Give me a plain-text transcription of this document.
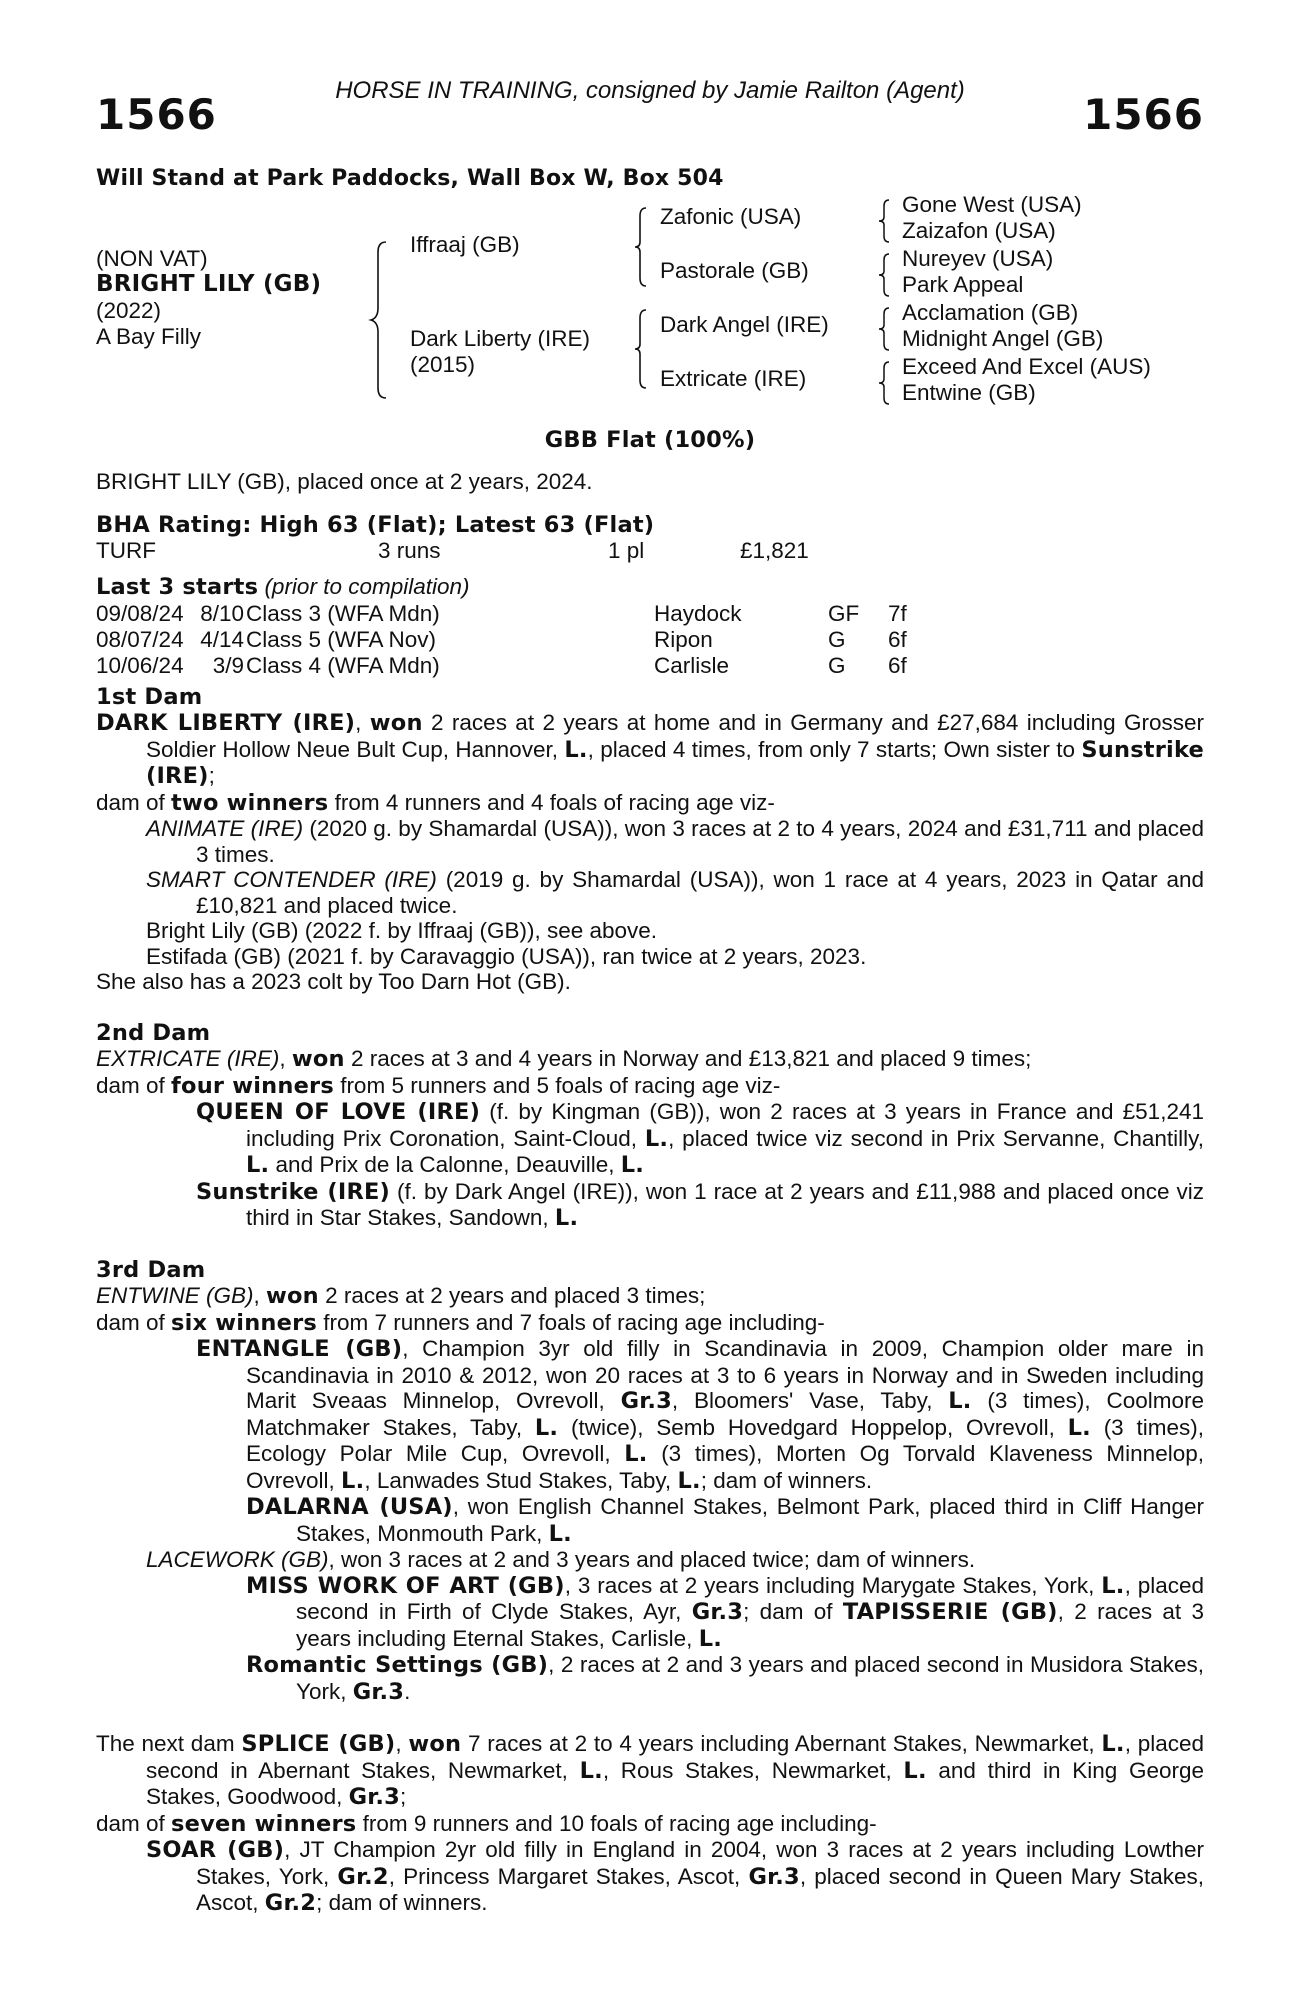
HORSE IN TRAINING, consigned by Jamie Railton (Agent)
1566	1566
Will Stand at Park Paddocks, Wall Box W, Box 504
(NON VAT)
BRIGHT LILY (GB)
(2022)
A Bay Filly
Iffraaj (GB)
Dark Liberty (IRE)
(2015)
Zafonic (USA)
Pastorale (GB)
Dark Angel (IRE)
Extricate (IRE)
Gone West (USA)
Zaizafon (USA)
Nureyev (USA)
Park Appeal
Acclamation (GB)
Midnight Angel (GB)
Exceed And Excel (AUS)
Entwine (GB)
GBB Flat (100%)

BRIGHT LILY (GB), placed once at 2 years, 2024.

BHA Rating: High 63 (Flat); Latest 63 (Flat)
TURF	3 runs	1 pl	£1,821
Last 3 starts (prior to compilation)
09/08/24 8/10 Class 3 (WFA Mdn)	Haydock	GF 7f
08/07/24 4/14 Class 5 (WFA Nov)	Ripon	G 6f
10/06/24 3/9 Class 4 (WFA Mdn)	Carlisle	G 6f
1st Dam

DARK LIBERTY (IRE), won 2 races at 2 years at home and in Germany and £27,684 including Grosser Soldier Hollow Neue Bult Cup, Hannover, L., placed 4 times, from only 7 starts; Own sister to Sunstrike (IRE);

dam of two winners from 4 runners and 4 foals of racing age viz-

ANIMATE (IRE) (2020 g. by Shamardal (USA)), won 3 races at 2 to 4 years, 2024 and £31,711 and placed 3 times.

SMART CONTENDER (IRE) (2019 g. by Shamardal (USA)), won 1 race at 4 years, 2023 in Qatar and £10,821 and placed twice.

Bright Lily (GB) (2022 f. by Iffraaj (GB)), see above.

Estifada (GB) (2021 f. by Caravaggio (USA)), ran twice at 2 years, 2023.

She also has a 2023 colt by Too Darn Hot (GB).

2nd Dam

EXTRICATE (IRE), won 2 races at 3 and 4 years in Norway and £13,821 and placed 9 times;

dam of four winners from 5 runners and 5 foals of racing age viz-

QUEEN OF LOVE (IRE) (f. by Kingman (GB)), won 2 races at 3 years in France and £51,241 including Prix Coronation, Saint-Cloud, L., placed twice viz second in Prix Servanne, Chantilly, L. and Prix de la Calonne, Deauville, L.

Sunstrike (IRE) (f. by Dark Angel (IRE)), won 1 race at 2 years and £11,988 and placed once viz third in Star Stakes, Sandown, L.

3rd Dam

ENTWINE (GB), won 2 races at 2 years and placed 3 times;

dam of six winners from 7 runners and 7 foals of racing age including-

ENTANGLE (GB), Champion 3yr old filly in Scandinavia in 2009, Champion older mare in Scandinavia in 2010 & 2012, won 20 races at 3 to 6 years in Norway and in Sweden including Marit Sveaas Minnelop, Ovrevoll, Gr.3, Bloomers' Vase, Taby, L. (3 times), Coolmore Matchmaker Stakes, Taby, L. (twice), Semb Hovedgard Hoppelop, Ovrevoll, L. (3 times), Ecology Polar Mile Cup, Ovrevoll, L. (3 times), Morten Og Torvald Klaveness Minnelop, Ovrevoll, L., Lanwades Stud Stakes, Taby, L.; dam of winners.

DALARNA (USA), won English Channel Stakes, Belmont Park, placed third in Cliff Hanger Stakes, Monmouth Park, L.

LACEWORK (GB), won 3 races at 2 and 3 years and placed twice; dam of winners.

MISS WORK OF ART (GB), 3 races at 2 years including Marygate Stakes, York, L., placed second in Firth of Clyde Stakes, Ayr, Gr.3; dam of TAPISSERIE (GB), 2 races at 3 years including Eternal Stakes, Carlisle, L.

Romantic Settings (GB), 2 races at 2 and 3 years and placed second in Musidora Stakes, York, Gr.3.

The next dam SPLICE (GB), won 7 races at 2 to 4 years including Abernant Stakes, Newmarket, L., placed second in Abernant Stakes, Newmarket, L., Rous Stakes, Newmarket, L. and third in King George Stakes, Goodwood, Gr.3;

dam of seven winners from 9 runners and 10 foals of racing age including-

SOAR (GB), JT Champion 2yr old filly in England in 2004, won 3 races at 2 years including Lowther Stakes, York, Gr.2, Princess Margaret Stakes, Ascot, Gr.3, placed second in Queen Mary Stakes, Ascot, Gr.2; dam of winners.
